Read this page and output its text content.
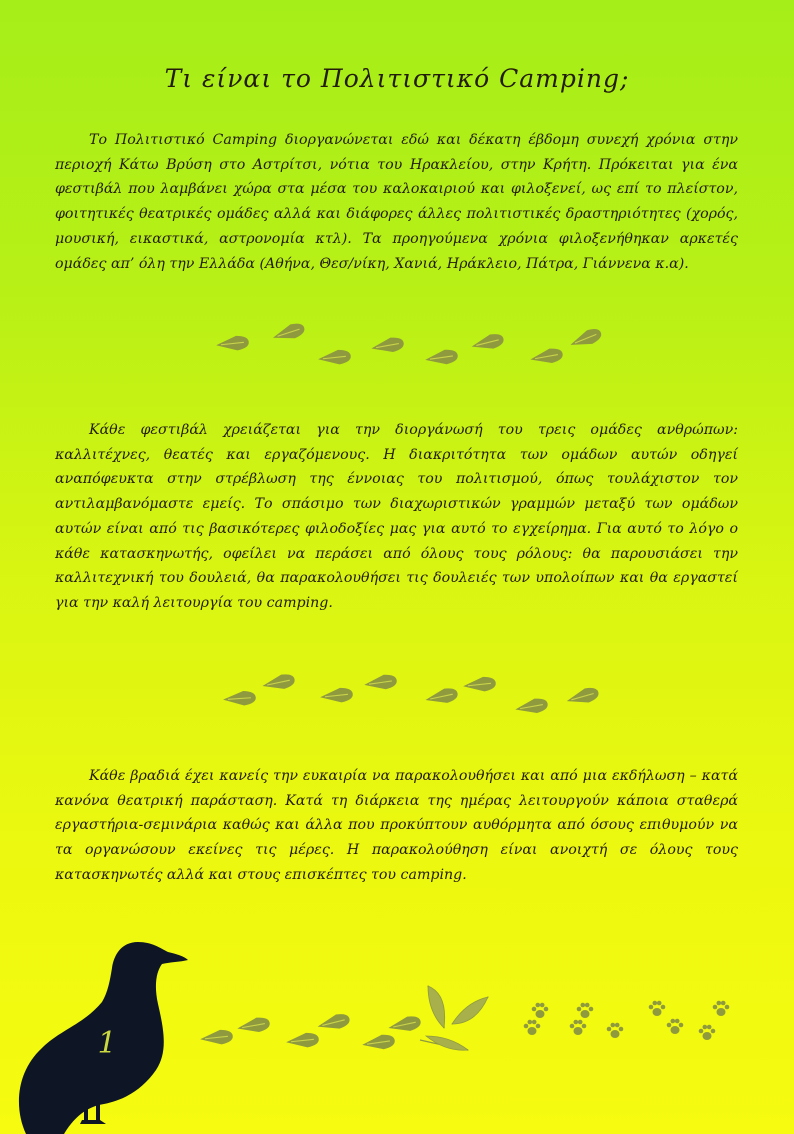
Τι είναι το Πολιτιστικό Camping;

Το Πολιτιστικό Camping διοργανώνεται εδώ και δέκατη έβδομη συνεχή χρόνια στην περιοχή Κάτω Βρύση στο Αστρίτσι, νότια του Ηρακλείου, στην Κρήτη. Πρόκειται για ένα φεστιβάλ που λαμβάνει χώρα στα μέσα του καλοκαιριού και φιλοξενεί, ως επί το πλείστον, φοιτητικές θεατρικές ομάδες αλλά και διάφορες άλλες πολιτιστικές δραστηριότητες (χορός, μουσική, εικαστικά, αστρονομία κτλ). Τα προηγούμενα χρόνια φιλοξενήθηκαν αρκετές ομάδες απ’ όλη την Ελλάδα (Αθήνα, Θεσ/νίκη, Χανιά, Ηράκλειο, Πάτρα, Γιάννενα κ.α).

Κάθε φεστιβάλ χρειάζεται για την διοργάνωσή του τρεις ομάδες ανθρώπων: καλλιτέχνες, θεατές και εργαζόμενους. Η διακριτότητα των ομάδων αυτών οδηγεί αναπόφευκτα στην στρέβλωση της έννοιας του πολιτισμού, όπως τουλάχιστον τον αντιλαμβανόμαστε εμείς. Το σπάσιμο των διαχωριστικών γραμμών μεταξύ των ομάδων αυτών είναι από τις βασικότερες φιλοδοξίες μας για αυτό το εγχείρημα. Για αυτό το λόγο ο κάθε κατασκηνωτής, οφείλει να περάσει από όλους τους ρόλους: θα παρουσιάσει την καλλιτεχνική του δουλειά, θα παρακολουθήσει τις δουλειές των υπολοίπων και θα εργαστεί για την καλή λειτουργία του camping.

Κάθε βραδιά έχει κανείς την ευκαιρία να παρακολουθήσει και από μια εκδήλωση – κατά κανόνα θεατρική παράσταση. Κατά τη διάρκεια της ημέρας λειτουργούν κάποια σταθερά εργαστήρια-σεμινάρια καθώς και άλλα που προκύπτουν αυθόρμητα από όσους επιθυμούν να τα οργανώσουν εκείνες τις μέρες. Η παρακολούθηση είναι ανοιχτή σε όλους τους κατασκηνωτές αλλά και στους επισκέπτες του camping.

1
